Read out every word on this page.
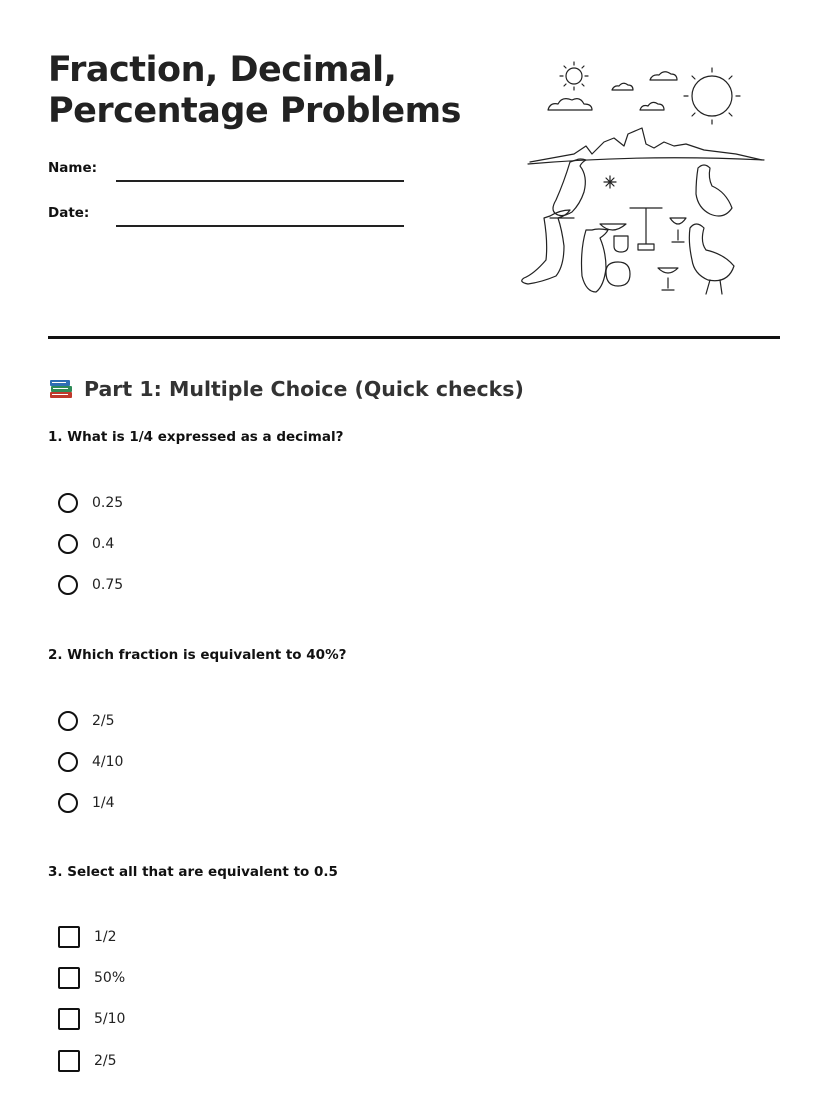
Fraction, Decimal,
Percentage Problems
Name:
Date:
Part 1: Multiple Choice (Quick checks)
1. What is 1/4 expressed as a decimal?
0.25
0.4
0.75
2. Which fraction is equivalent to 40%?
2/5
4/10
1/4
3. Select all that are equivalent to 0.5
1/2
50%
5/10
2/5
